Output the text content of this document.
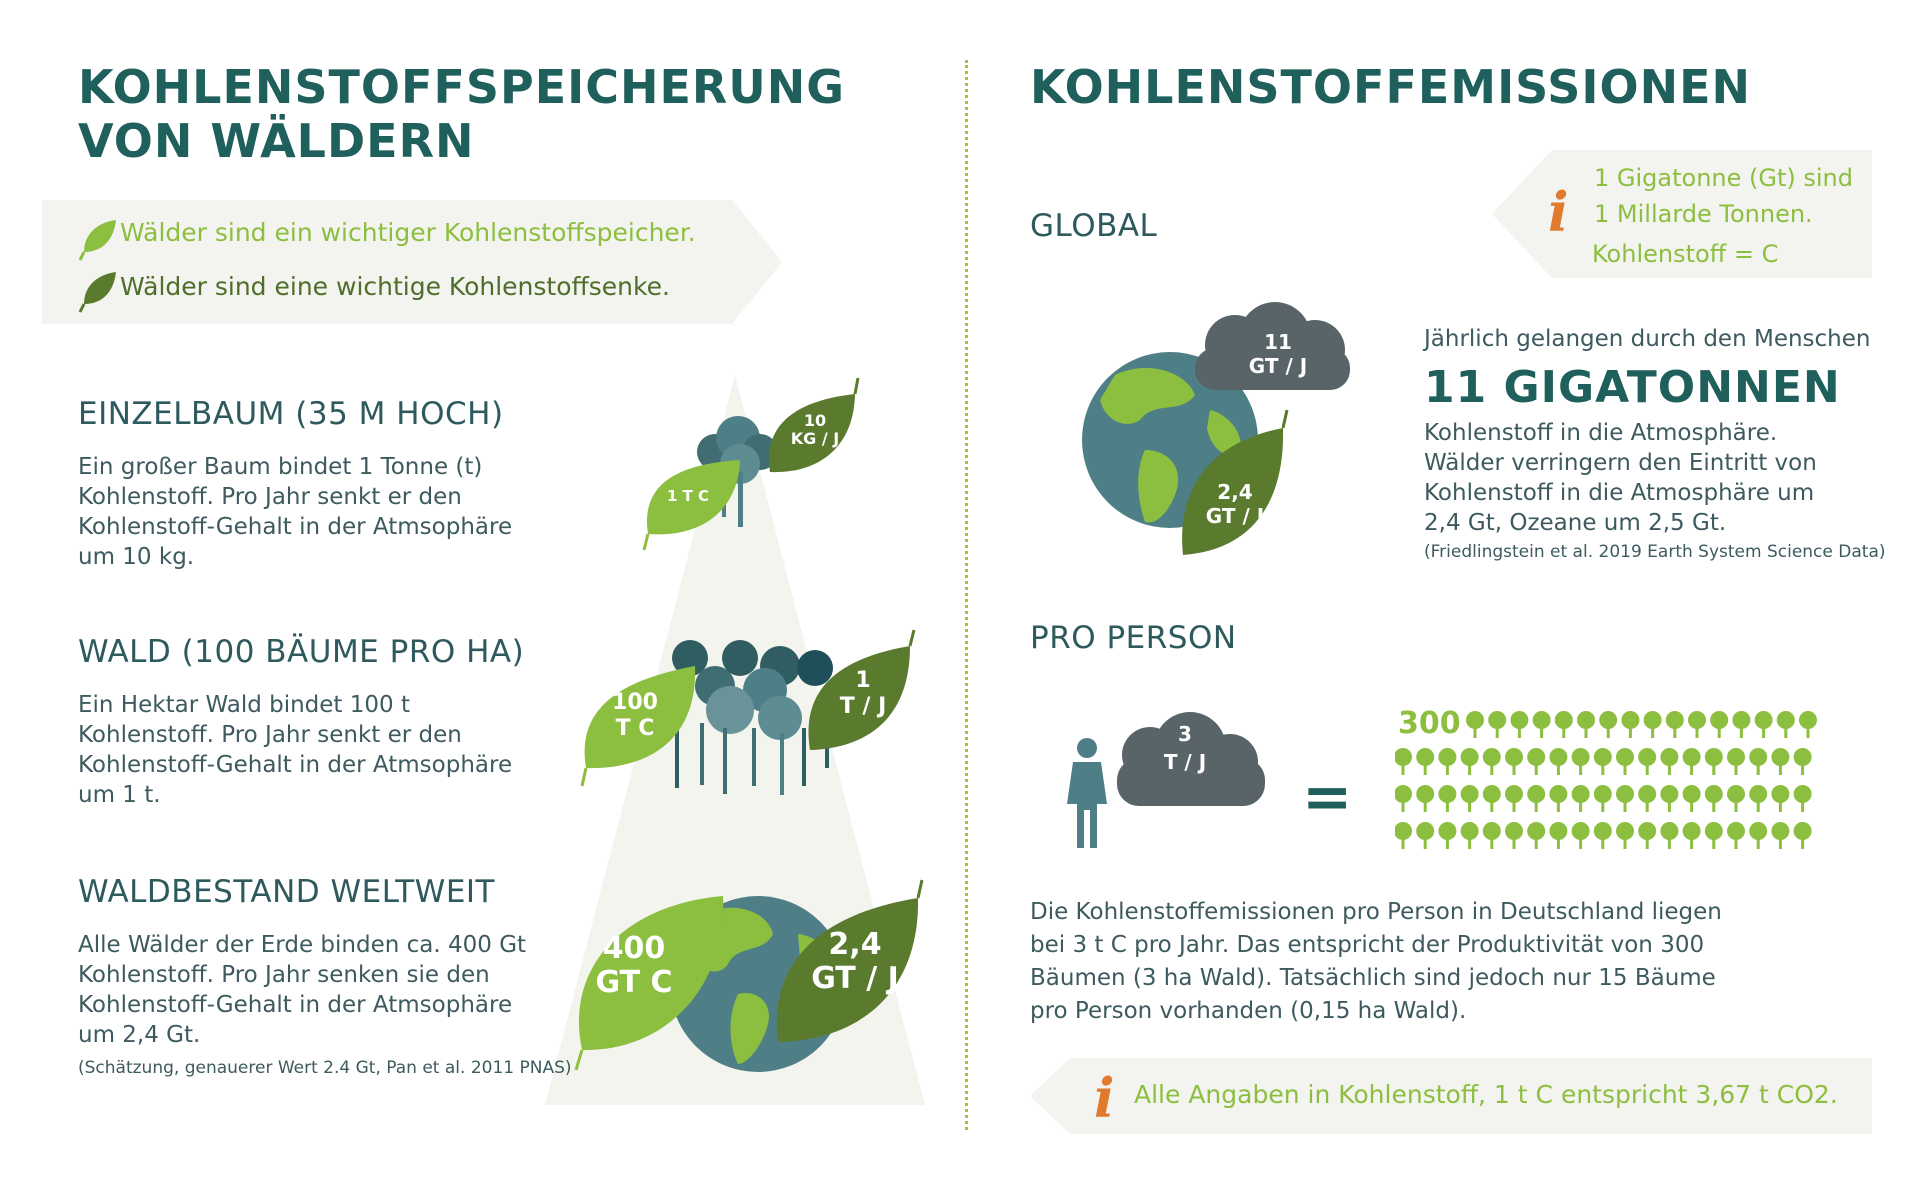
KOHLENSTOFFSPEICHERUNG
VON WÄLDERN
Wälder sind ein wichtiger Kohlenstoffspeicher.
Wälder sind eine wichtige Kohlenstoffsenke.
EINZELBAUM (35 M HOCH)
Ein großer Baum bindet 1 Tonne (t)
Kohlenstoff. Pro Jahr senkt er den
Kohlenstoff-Gehalt in der Atmsophäre
um 10 kg.
1 T C
10
KG / J
WALD (100 BÄUME PRO HA)
Ein Hektar Wald bindet 100 t
Kohlenstoff. Pro Jahr senkt er den
Kohlenstoff-Gehalt in der Atmsophäre
um 1 t.
100
T C
1
T / J
WALDBESTAND WELTWEIT
Alle Wälder der Erde binden ca. 400 Gt
Kohlenstoff. Pro Jahr senken sie den
Kohlenstoff-Gehalt in der Atmsophäre
um 2,4 Gt.
(Schätzung, genauerer Wert 2.4 Gt, Pan et al. 2011 PNAS)
400
GT C
2,4
GT / J
KOHLENSTOFFEMISSIONEN
i
1 Gigatonne (Gt) sind
1 Millarde Tonnen.
Kohlenstoff = C
GLOBAL
11
GT / J
2,4
GT / J
Jährlich gelangen durch den Menschen
11 GIGATONNEN
Kohlenstoff in die Atmosphäre.
Wälder verringern den Eintritt von
Kohlenstoff in die Atmosphäre um
2,4 Gt, Ozeane um 2,5 Gt.
(Friedlingstein et al. 2019 Earth System Science Data)
PRO PERSON
3
T / J	=
300
Die Kohlenstoffemissionen pro Person in Deutschland liegen
bei 3 t C pro Jahr. Das entspricht der Produktivität von 300
Bäumen (3 ha Wald). Tatsächlich sind jedoch nur 15 Bäume
pro Person vorhanden (0,15 ha Wald).
i Alle Angaben in Kohlenstoff, 1 t C entspricht 3,67 t CO2.
